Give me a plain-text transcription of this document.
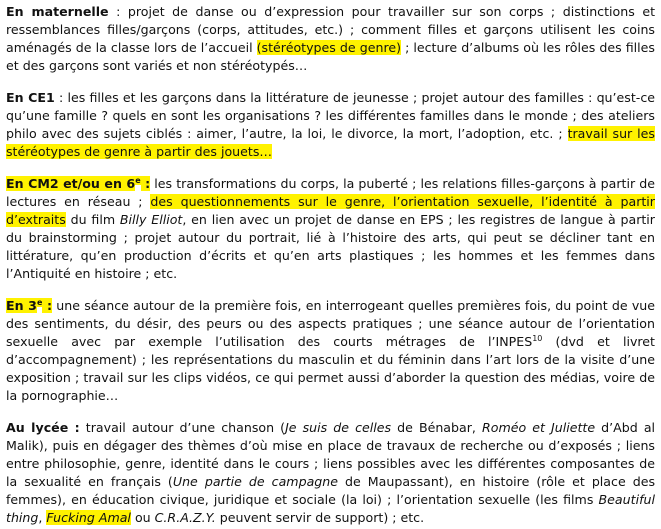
En maternelle : projet de danse ou d’expression pour travailler sur son corps ; distinctions et ressemblances filles/garçons (corps, attitudes, etc.) ; comment filles et garçons utilisent les coins aménagés de la classe lors de l’accueil (stéréotypes de genre) ; lecture d’albums où les rôles des filles et des garçons sont variés et non stéréotypés…

En CE1 : les filles et les garçons dans la littérature de jeunesse ; projet autour des familles : qu’est-ce qu’une famille ? quels en sont les organisations ? les différentes familles dans le monde ; des ateliers philo avec des sujets ciblés : aimer, l’autre, la loi, le divorce, la mort, l’adoption, etc. ; travail sur les stéréotypes de genre à partir des jouets…

En CM2 et/ou en 6e : les transformations du corps, la puberté ; les relations filles-garçons à partir de lectures en réseau ; des questionnements sur le genre, l’orientation sexuelle, l’identité à partir d’extraits du film Billy Elliot, en lien avec un projet de danse en EPS ; les registres de langue à partir du brainstorming ; projet autour du portrait, lié à l’histoire des arts, qui peut se décliner tant en littérature, qu’en production d’écrits et qu’en arts plastiques ; les hommes et les femmes dans l’Antiquité en histoire ; etc.

En 3e : une séance autour de la première fois, en interrogeant quelles premières fois, du point de vue des sentiments, du désir, des peurs ou des aspects pratiques ; une séance autour de l’orientation sexuelle avec par exemple l’utilisation des courts métrages de l’INPES$^{10}$ (dvd et livret d’accompagnement) ; les représentations du masculin et du féminin dans l’art lors de la visite d’une exposition ; travail sur les clips vidéos, ce qui permet aussi d’aborder la question des médias, voire de la pornographie…

Au lycée : travail autour d’une chanson (Je suis de celles de Bénabar, Roméo et Juliette d’Abd al Malik), puis en dégager des thèmes d’où mise en place de travaux de recherche ou d’exposés ; liens entre philosophie, genre, identité dans le cours ; liens possibles avec les différentes composantes de la sexualité en français (Une partie de campagne de Maupassant), en histoire (rôle et place des femmes), en éducation civique, juridique et sociale (la loi) ; l’orientation sexuelle (les films Beautiful thing, Fucking Amal ou C.R.A.Z.Y. peuvent servir de support) ; etc.
